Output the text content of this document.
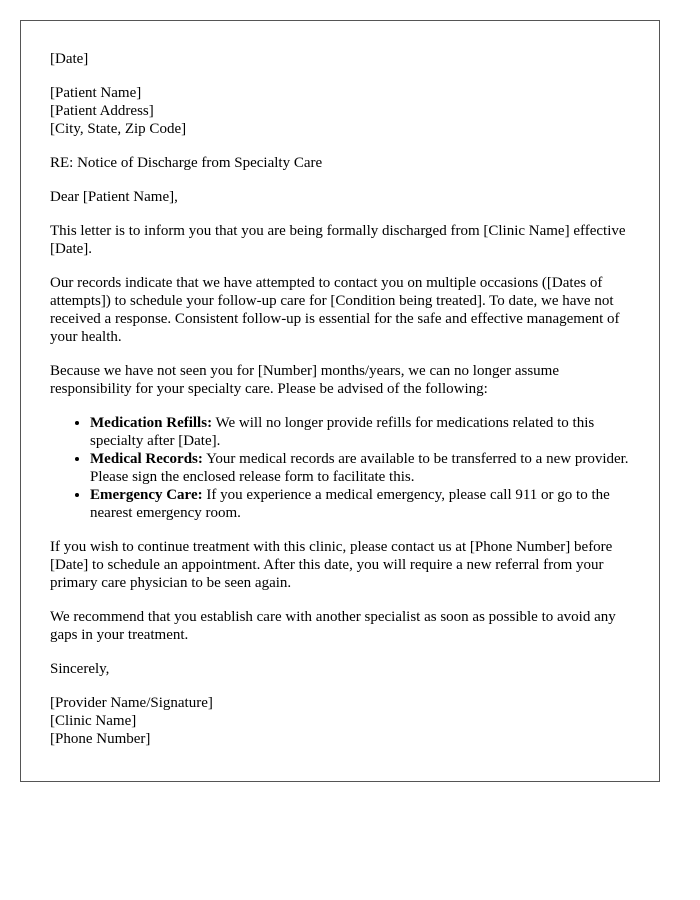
[Date]

[Patient Name]
[Patient Address]
[City, State, Zip Code]

RE: Notice of Discharge from Specialty Care

Dear [Patient Name],

This letter is to inform you that you are being formally discharged from [Clinic Name] effective [Date].

Our records indicate that we have attempted to contact you on multiple occasions ([Dates of attempts]) to schedule your follow-up care for [Condition being treated]. To date, we have not received a response. Consistent follow-up is essential for the safe and effective management of your health.

Because we have not seen you for [Number] months/years, we can no longer assume responsibility for your specialty care. Please be advised of the following:

• Medication Refills: We will no longer provide refills for medications related to this specialty after [Date].
• Medical Records: Your medical records are available to be transferred to a new provider. Please sign the enclosed release form to facilitate this.
• Emergency Care: If you experience a medical emergency, please call 911 or go to the nearest emergency room.

If you wish to continue treatment with this clinic, please contact us at [Phone Number] before [Date] to schedule an appointment. After this date, you will require a new referral from your primary care physician to be seen again.

We recommend that you establish care with another specialist as soon as possible to avoid any gaps in your treatment.

Sincerely,

[Provider Name/Signature]
[Clinic Name]
[Phone Number]
